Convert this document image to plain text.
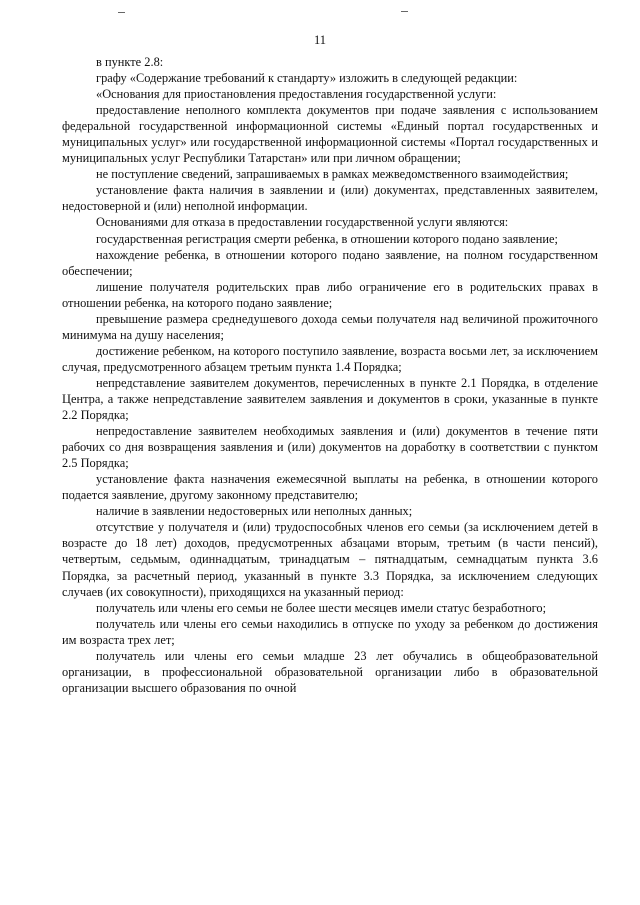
11

в пункте 2.8:

графу «Содержание требований к стандарту» изложить в следующей редакции:

«Основания для приостановления предоставления государственной услуги:

предоставление неполного комплекта документов при подаче заявления с использованием федеральной государственной информационной системы «Единый портал государственных и муниципальных услуг» или государственной информационной системы «Портал государственных и муниципальных услуг Республики Татарстан» или при личном обращении;

не поступление сведений, запрашиваемых в рамках межведомственного взаимодействия;

установление факта наличия в заявлении и (или) документах, представленных заявителем, недостоверной и (или) неполной информации.

Основаниями для отказа в предоставлении государственной услуги являются:

государственная регистрация смерти ребенка, в отношении которого подано заявление;

нахождение ребенка, в отношении которого подано заявление, на полном государственном обеспечении;

лишение получателя родительских прав либо ограничение его в родительских правах в отношении ребенка, на которого подано заявление;

превышение размера среднедушевого дохода семьи получателя над величиной прожиточного минимума на душу населения;

достижение ребенком, на которого поступило заявление, возраста восьми лет, за исключением случая, предусмотренного абзацем третьим пункта 1.4 Порядка;

непредставление заявителем документов, перечисленных в пункте 2.1 Порядка, в отделение Центра, а также непредставление заявителем заявления и документов в сроки, указанные в пункте 2.2 Порядка;

непредоставление заявителем необходимых заявления и (или) документов в течение пяти рабочих со дня возвращения заявления и (или) документов на доработку в соответствии с пунктом 2.5 Порядка;

установление факта назначения ежемесячной выплаты на ребенка, в отношении которого подается заявление, другому законному представителю;

наличие в заявлении недостоверных или неполных данных;

отсутствие у получателя и (или) трудоспособных членов его семьи (за исключением детей в возрасте до 18 лет) доходов, предусмотренных абзацами вторым, третьим (в части пенсий), четвертым, седьмым, одиннадцатым, тринадцатым – пятнадцатым, семнадцатым пункта 3.6 Порядка, за расчетный период, указанный в пункте 3.3 Порядка, за исключением следующих случаев (их совокупности), приходящихся на указанный период:

получатель или члены его семьи не более шести месяцев имели статус безработного;

получатель или члены его семьи находились в отпуске по уходу за ребенком до достижения им возраста трех лет;

получатель или члены его семьи младше 23 лет обучались в общеобразовательной организации, в профессиональной образовательной организации либо в образовательной организации высшего образования по очной
